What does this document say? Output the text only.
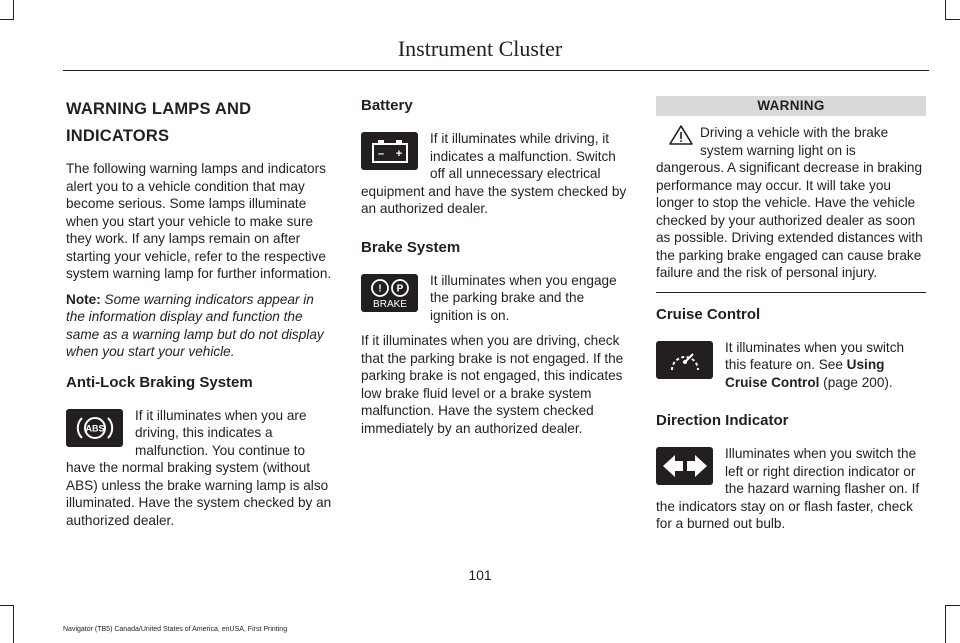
Instrument Cluster
WARNING LAMPS AND
INDICATORS

The following warning lamps and indicators alert you to a vehicle condition that may become serious. Some lamps illuminate when you start your vehicle to make sure they work. If any lamps remain on after starting your vehicle, refer to the respective system warning lamp for further information.

Note: Some warning indicators appear in the information display and function the same as a warning lamp but do not display when you start your vehicle.

Anti-Lock Braking System
ABS

If it illuminates when you are driving, this indicates a malfunction. You continue to have the normal braking system (without ABS) unless the brake warning lamp is also illuminated. Have the system checked by an authorized dealer.

Battery
– +

If it illuminates while driving, it indicates a malfunction. Switch off all unnecessary electrical equipment and have the system checked by an authorized dealer.

Brake System
! P
BRAKE

It illuminates when you engage the parking brake and the ignition is on.

If it illuminates when you are driving, check that the parking brake is not engaged. If the parking brake is not engaged, this indicates low brake fluid level or a brake system malfunction. Have the system checked immediately by an authorized dealer.

WARNING

Driving a vehicle with the brake system warning light on is dangerous. A significant decrease in braking performance may occur. It will take you longer to stop the vehicle. Have the vehicle checked by your authorized dealer as soon as possible. Driving extended distances with the parking brake engaged can cause brake failure and the risk of personal injury.

Cruise Control

It illuminates when you switch this feature on. See Using Cruise Control (page 200).

Direction Indicator

Illuminates when you switch the left or right direction indicator or the hazard warning flasher on. If the indicators stay on or flash faster, check for a burned out bulb.

101
Navigator (TB5) Canada/United States of America, enUSA, First Printing
